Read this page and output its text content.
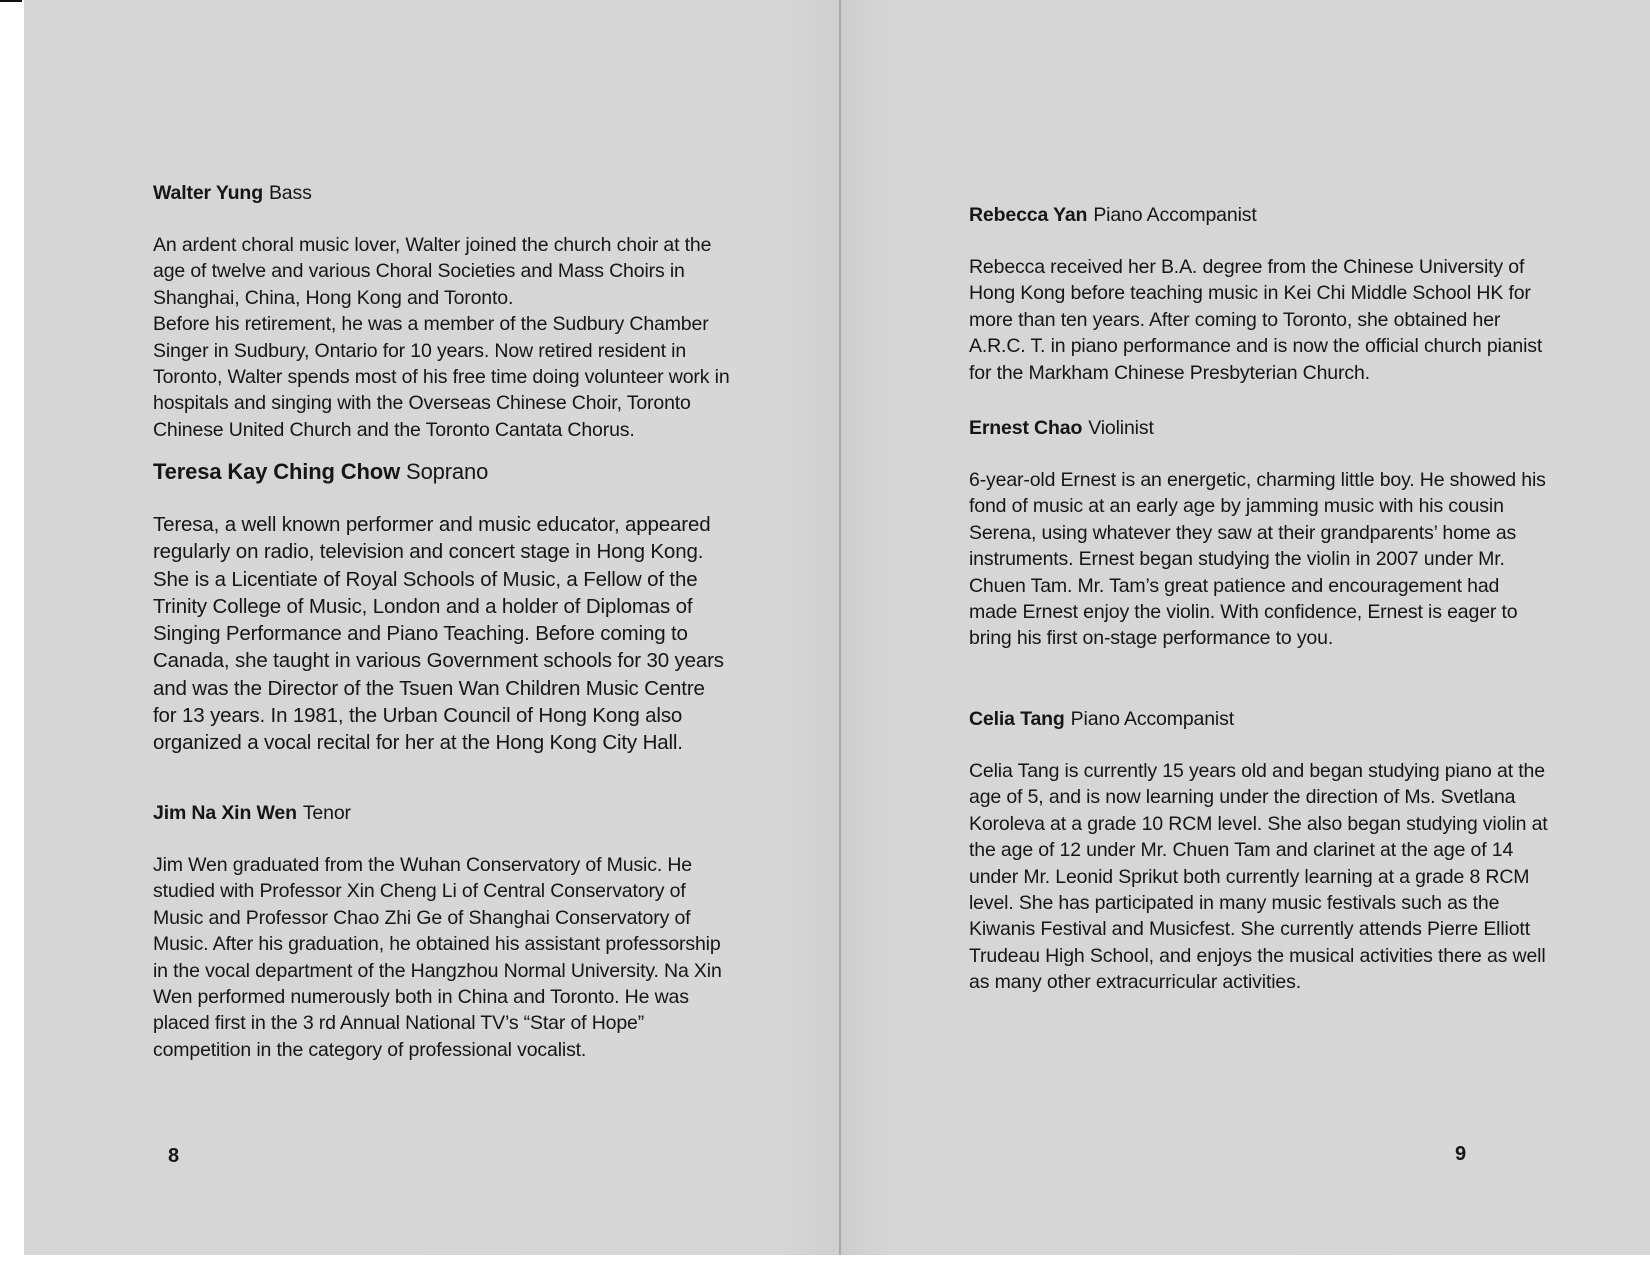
Walter Yung Bass

An ardent choral music lover, Walter joined the church choir at the age of twelve and various Choral Societies and Mass Choirs in Shanghai, China, Hong Kong and Toronto.

Before his retirement, he was a member of the Sudbury Chamber Singer in Sudbury, Ontario for 10 years. Now retired resident in Toronto, Walter spends most of his free time doing volunteer work in hospitals and singing with the Overseas Chinese Choir, Toronto Chinese United Church and the Toronto Cantata Chorus.

Teresa Kay Ching Chow Soprano

Teresa, a well known performer and music educator, appeared regularly on radio, television and concert stage in Hong Kong. She is a Licentiate of Royal Schools of Music, a Fellow of the Trinity College of Music, London and a holder of Diplomas of Singing Performance and Piano Teaching. Before coming to Canada, she taught in various Government schools for 30 years and was the Director of the Tsuen Wan Children Music Centre for 13 years. In 1981, the Urban Council of Hong Kong also organized a vocal recital for her at the Hong Kong City Hall.

Jim Na Xin Wen Tenor

Jim Wen graduated from the Wuhan Conservatory of Music. He studied with Professor Xin Cheng Li of Central Conservatory of Music and Professor Chao Zhi Ge of Shanghai Conservatory of Music. After his graduation, he obtained his assistant professorship in the vocal department of the Hangzhou Normal University. Na Xin Wen performed numerously both in China and Toronto. He was placed first in the 3 rd Annual National TV’s “Star of Hope” competition in the category of professional vocalist.

8
Rebecca Yan Piano Accompanist

Rebecca received her B.A. degree from the Chinese University of Hong Kong before teaching music in Kei Chi Middle School HK for more than ten years. After coming to Toronto, she obtained her A.R.C. T. in piano performance and is now the official church pianist for the Markham Chinese Presbyterian Church.

Ernest Chao Violinist

6-year-old Ernest is an energetic, charming little boy. He showed his fond of music at an early age by jamming music with his cousin Serena, using whatever they saw at their grandparents’ home as instruments. Ernest began studying the violin in 2007 under Mr. Chuen Tam. Mr. Tam’s great patience and encouragement had made Ernest enjoy the violin. With confidence, Ernest is eager to bring his first on-stage performance to you.

Celia Tang Piano Accompanist

Celia Tang is currently 15 years old and began studying piano at the age of 5, and is now learning under the direction of Ms. Svetlana Koroleva at a grade 10 RCM level. She also began studying violin at the age of 12 under Mr. Chuen Tam and clarinet at the age of 14 under Mr. Leonid Sprikut both currently learning at a grade 8 RCM level. She has participated in many music festivals such as the Kiwanis Festival and Musicfest. She currently attends Pierre Elliott Trudeau High School, and enjoys the musical activities there as well as many other extracurricular activities.

9
